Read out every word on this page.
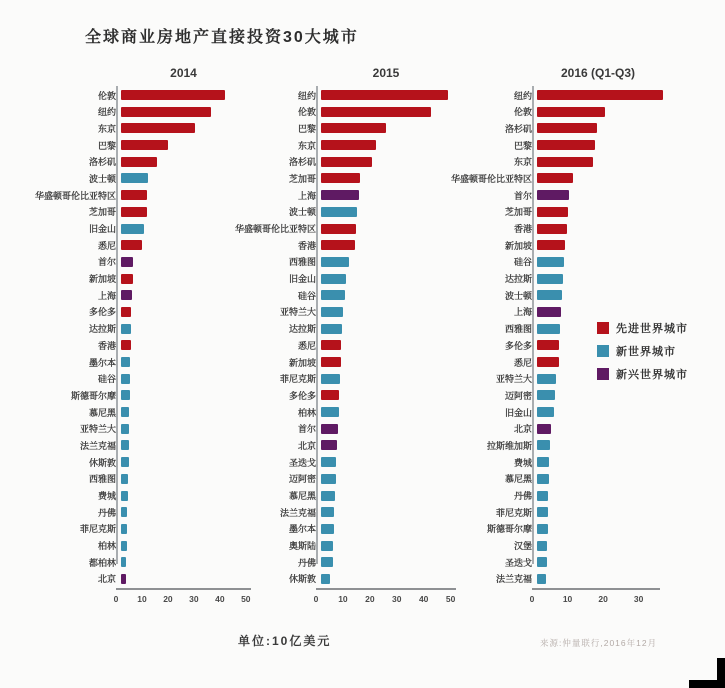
全球商业房地产直接投资30大城市
2014
伦敦
纽约
东京
巴黎
洛杉矶
波士顿
华盛顿哥伦比亚特区
芝加哥
旧金山
悉尼
首尔
新加坡
上海
多伦多
达拉斯
香港
墨尔本
硅谷
斯德哥尔摩
慕尼黑
亚特兰大
法兰克福
休斯敦
西雅图
费城
丹佛
菲尼克斯
柏林
都柏林
北京
0 10 20 30 40 50
2015
纽约
伦敦
巴黎
东京
洛杉矶
芝加哥
上海
波士顿
华盛顿哥伦比亚特区
香港
西雅图
旧金山
硅谷
亚特兰大
达拉斯
悉尼
新加坡
菲尼克斯
多伦多
柏林
首尔
北京
圣迭戈
迈阿密
慕尼黑
法兰克福
墨尔本
奥斯陆
丹佛
休斯敦
0 10 20 30 40 50
2016 (Q1-Q3)
纽约
伦敦
洛杉矶
巴黎
东京
华盛顿哥伦比亚特区
首尔
芝加哥
香港
新加坡
硅谷
达拉斯
波士顿
上海
西雅图
多伦多
悉尼
亚特兰大
迈阿密
旧金山
北京
拉斯维加斯
费城
慕尼黑
丹佛
菲尼克斯
斯德哥尔摩
汉堡
圣迭戈
法兰克福
0	10	20	30
先进世界城市
新世界城市
新兴世界城市
单位:10亿美元	来源:仲量联行,2016年12月
